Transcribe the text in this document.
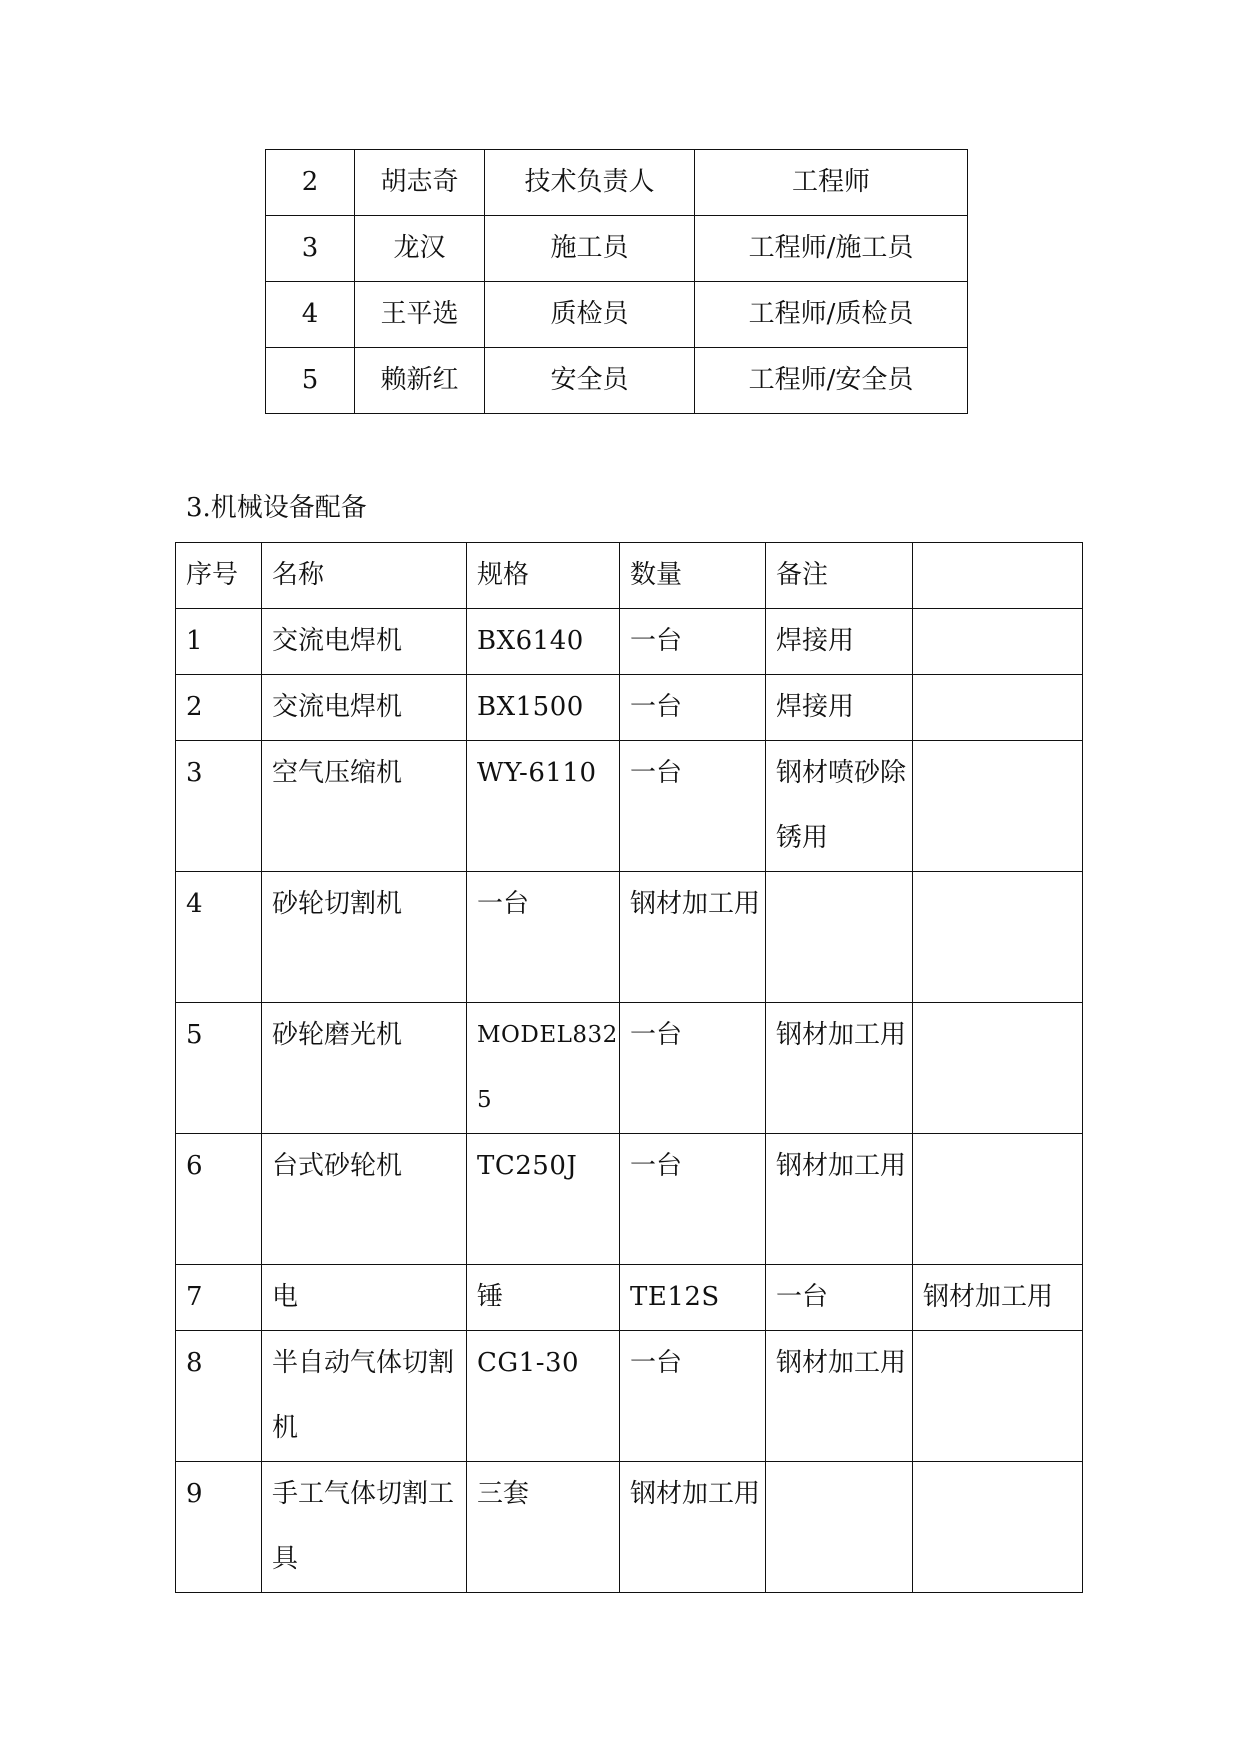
2	胡志奇	技术负责人	工程师
3	龙汉	施工员	工程师/施工员
4	王平选	质检员	工程师/质检员
5	赖新红	安全员	工程师/安全员
3.机械设备配备
序号	名称	规格	数量	备注	
1	交流电焊机	BX6140	一台	焊接用	
2	交流电焊机	BX1500	一台	焊接用	
3	空气压缩机	WY-6110	一台	钢材喷砂除锈用	
4	砂轮切割机	一台	钢材加工用		
5	砂轮磨光机	MODEL8325	一台	钢材加工用	
6	台式砂轮机	TC250J	一台	钢材加工用	
7	电	锤	TE12S	一台	钢材加工用
8	半自动气体切割机	CG1-30	一台	钢材加工用	
9	手工气体切割工具	三套	钢材加工用		
